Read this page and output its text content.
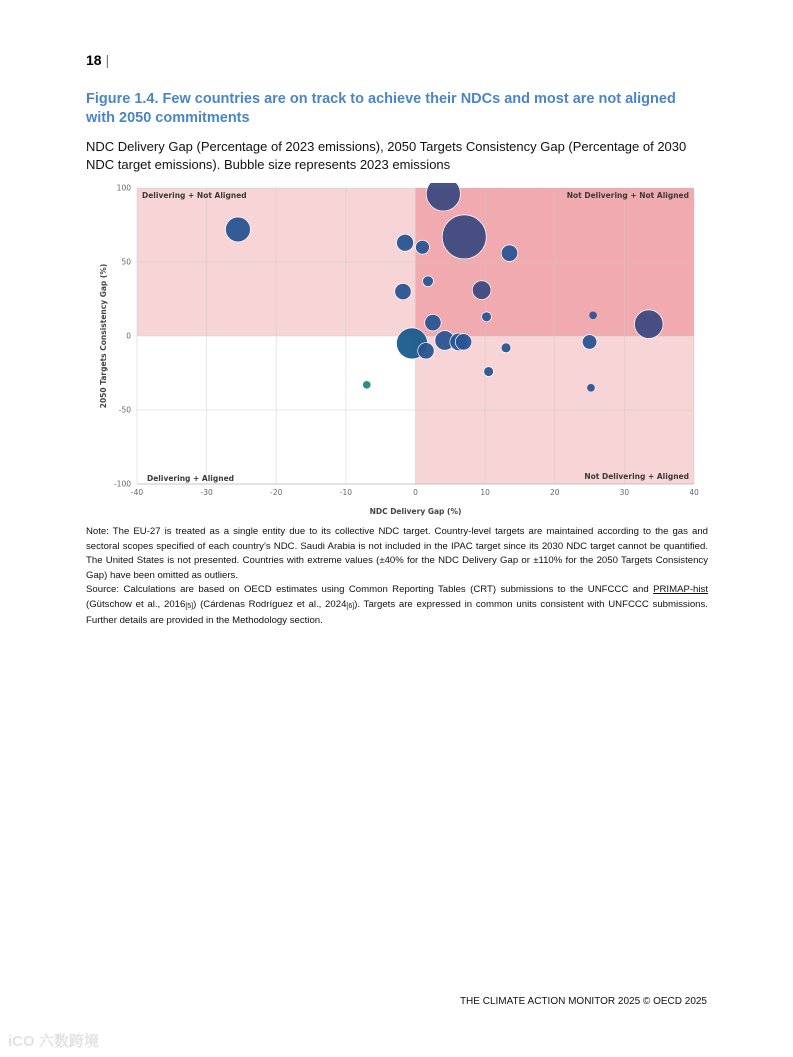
18 |
Figure 1.4. Few countries are on track to achieve their NDCs and most are not aligned with 2050 commitments
NDC Delivery Gap (Percentage of 2023 emissions), 2050 Targets Consistency Gap (Percentage of 2030 NDC target emissions). Bubble size represents 2023 emissions
-40	-30	-20	-10	0	10	20	30	40
100
50
0
-50
-100
NDC Delivery Gap (%)
2050 Targets Consistency Gap (%)
Delivering + Not Aligned	Not Delivering + Not Aligned
Delivering + Aligned	Not Delivering + Aligned

Note: The EU-27 is treated as a single entity due to its collective NDC target. Country-level targets are maintained according to the gas and sectoral scopes specified of each country’s NDC. Saudi Arabia is not included in the IPAC target since its 2030 NDC target cannot be quantified. The United States is not presented. Countries with extreme values (±40% for the NDC Delivery Gap or ±110% for the 2050 Targets Consistency Gap) have been omitted as outliers.

Source: Calculations are based on OECD estimates using Common Reporting Tables (CRT) submissions to the UNFCCC and PRIMAP-hist (Gütschow et al., $2016_{[5]}$) (Cárdenas Rodríguez et al., $2024_{[6]}$). Targets are expressed in common units consistent with UNFCCC submissions. Further details are provided in the Methodology section.

THE CLIMATE ACTION MONITOR 2025 © OECD 2025
iCO 六数跨境
